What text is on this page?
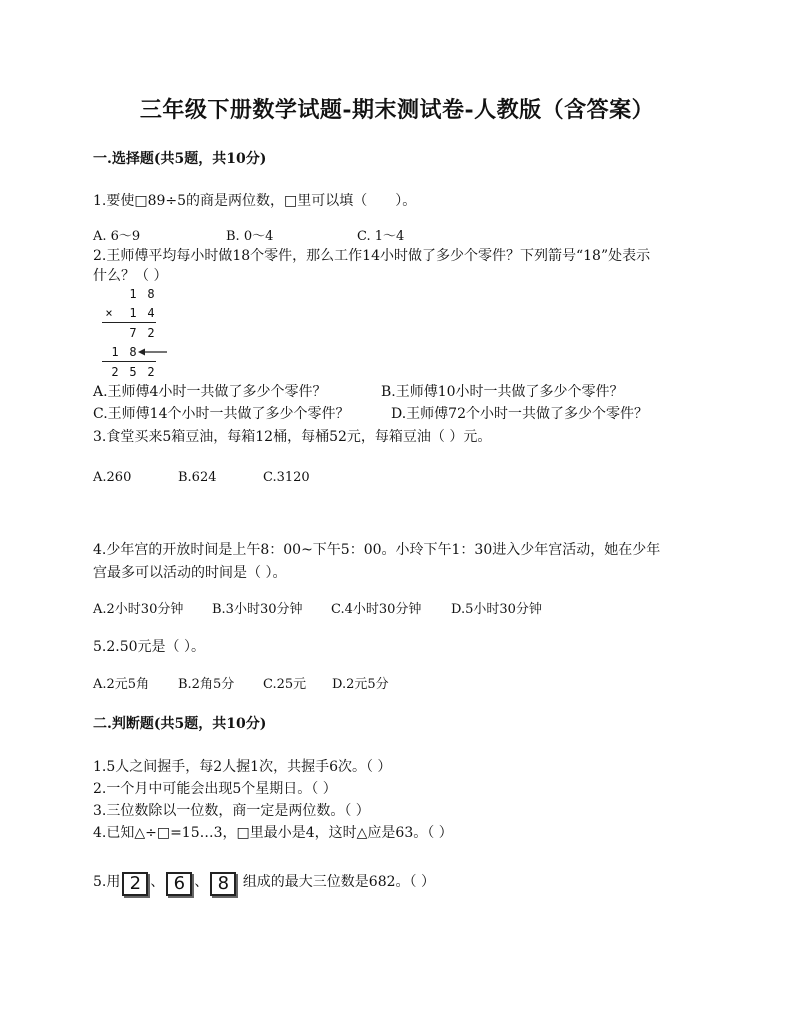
三年级下册数学试题-期末测试卷-人教版（含答案）
一.选择题(共5题，共10分)
1.要使□89÷5的商是两位数，□里可以填（　　）。
A. 6～9	B. 0～4	C. 1～4
2.王师傅平均每小时做18个零件，那么工作14小时做了多少个零件？下列箭号“18”处表示
什么？（ ）
1 8
× 1 4
7 2
1 8
2 5 2
A.王师傅4小时一共做了多少个零件？	B.王师傅10小时一共做了多少个零件？
C.王师傅14个小时一共做了多少个零件？	D.王师傅72个小时一共做了多少个零件？
3.食堂买来5箱豆油，每箱12桶，每桶52元，每箱豆油（ ）元。
A.260	B.624	C.3120
4.少年宫的开放时间是上午8：00~下午5：00。小玲下午1：30进入少年宫活动，她在少年
宫最多可以活动的时间是（ ）。
A.2小时30分钟 B.3小时30分钟 C.4小时30分钟 D.5小时30分钟
5.2.50元是（ ）。
A.2元5角 B.2角5分 C.25元 D.2元5分
二.判断题(共5题，共10分)
1.5人之间握手，每2人握1次，共握手6次。（ ）
2.一个月中可能会出现5个星期日。（ ）
3.三位数除以一位数，商一定是两位数。（ ）
4.已知△÷□=15…3，□里最小是4，这时△应是63。（ ）
5.用 2 、 6 、 8 组成的最大三位数是682。（ ）
